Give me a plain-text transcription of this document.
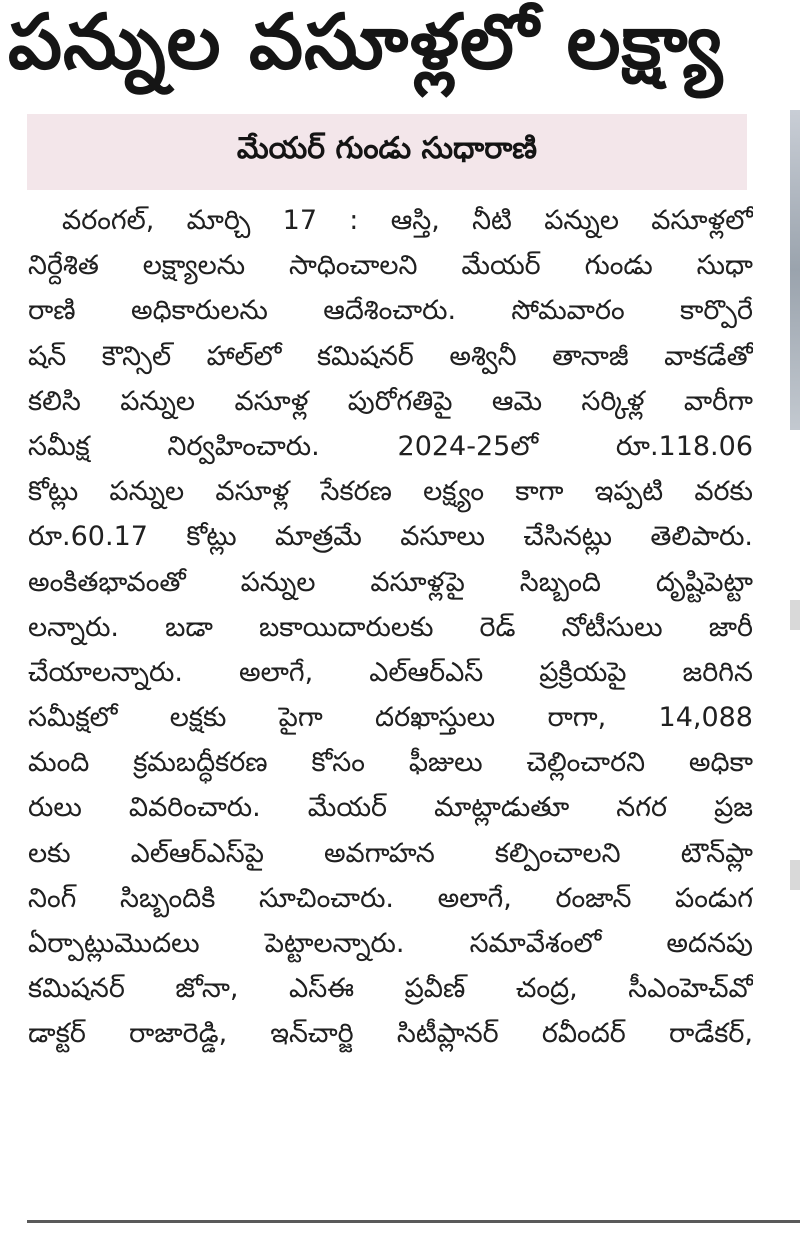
పన్నుల వసూళ్లలో లక్ష్యా
మేయర్ గుండు సుధారాణి
వరంగల్, మార్చి 17 : ఆస్తి, నీటి పన్నుల వసూళ్లలో
నిర్దేశిత లక్ష్యాలను సాధించాలని మేయర్ గుండు సుధా
రాణి అధికారులను ఆదేశించారు. సోమవారం కార్పొరే
షన్ కౌన్సిల్ హాల్‌లో కమిషనర్ అశ్వినీ తానాజీ వాకడేతో
కలిసి పన్నుల వసూళ్ల పురోగతిపై ఆమె సర్కిళ్ల వారీగా
సమీక్ష నిర్వహించారు. 2024-25లో రూ.118.06
కోట్లు పన్నుల వసూళ్ల సేకరణ లక్ష్యం కాగా ఇప్పటి వరకు
రూ.60.17 కోట్లు మాత్రమే వసూలు చేసినట్లు తెలిపారు.
అంకితభావంతో పన్నుల వసూళ్లపై సిబ్బంది దృష్టిపెట్టా
లన్నారు. బడా బకాయిదారులకు రెడ్ నోటీసులు జారీ
చేయాలన్నారు. అలాగే, ఎల్‌ఆర్‌ఎస్ ప్రక్రియపై జరిగిన
సమీక్షలో లక్షకు పైగా దరఖాస్తులు రాగా, 14,088
మంది క్రమబద్ధీకరణ కోసం ఫీజులు చెల్లించారని అధికా
రులు వివరించారు. మేయర్ మాట్లాడుతూ నగర ప్రజ
లకు ఎల్‌ఆర్‌ఎస్‌పై అవగాహన కల్పించాలని టౌన్‌ప్లా
నింగ్ సిబ్బందికి సూచించారు. అలాగే, రంజాన్ పండుగ
ఏర్పాట్లుమొదలు పెట్టాలన్నారు. సమావేశంలో అదనపు
కమిషనర్ జోనా, ఎస్‌ఈ ప్రవీణ్ చంద్ర, సీఎంహెచ్‌వో
డాక్టర్ రాజారెడ్డి, ఇన్‌చార్జి సిటీప్లానర్ రవీందర్ రాడేకర్,
